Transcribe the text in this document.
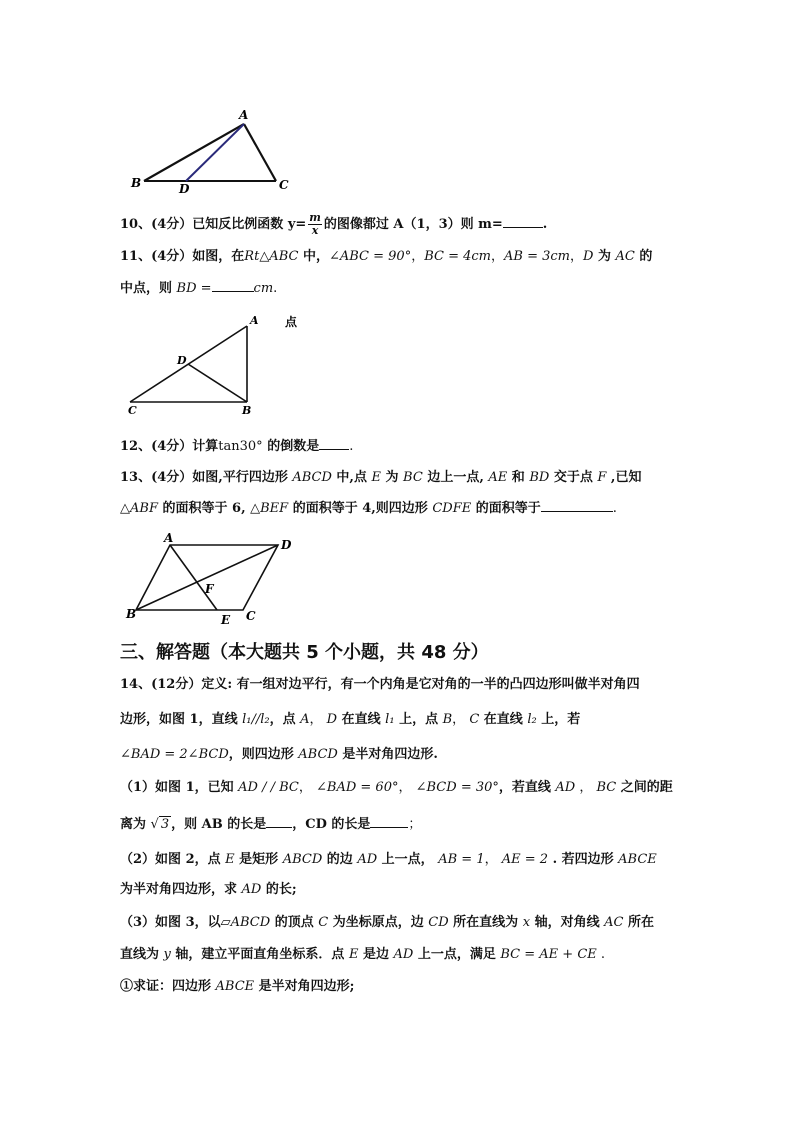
A
B	D	C
10、(4分）已知反比例函数 $y= \frac{m}{x}$ 的图像都过 A（1，3）则 m=	.
11、(4分）如图，在Rt△ABC 中，∠ABC = 90°，BC = 4cm，AB = 3cm，D 为 AC 的
中点，则 BD =	cm.
A
D
C	B
点
12、(4分）计算tan30° 的倒数是 .
13、(4分）如图,平行四边形 ABCD 中,点 E 为 BC 边上一点, AE 和 BD 交于点 F ,已知
△ABF 的面积等于 6, △BEF 的面积等于 4,则四边形 CDFE 的面积等于	.
A	D
F
B	E C
三、解答题（本大题共 5 个小题，共 48 分）
14、(12分）定义: 有一组对边平行，有一个内角是它对角的一半的凸四边形叫做半对角四
边形，如图 1，直线 l₁//l₂，点 A， D 在直线 l₁ 上，点 B， C 在直线 l₂ 上，若
∠BAD = 2∠BCD，则四边形 ABCD 是半对角四边形.
（1）如图 1，已知 AD / / BC， ∠BAD = 60°， ∠BCD = 30°，若直线 AD ， BC 之间的距
离为 √ 3 ，则 AB 的长是 ，CD 的长是	；
（2）如图 2，点 E 是矩形 ABCD 的边 AD 上一点， AB = 1， AE = 2 . 若四边形 ABCE
为半对角四边形，求 AD 的长;
（3）如图 3，以▱ABCD 的顶点 C 为坐标原点，边 CD 所在直线为 x 轴，对角线 AC 所在
直线为 y 轴，建立平面直角坐标系．点 E 是边 AD 上一点，满足 BC = AE + CE .
①求证：四边形 ABCE 是半对角四边形;
